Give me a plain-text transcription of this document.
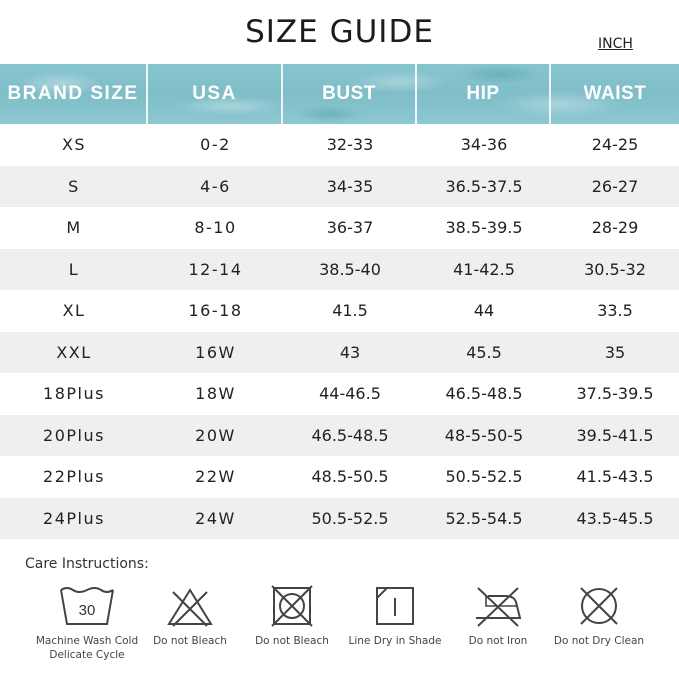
SIZE GUIDE	INCH
BRAND SIZE	USA	BUST	HIP	WAIST
XS	0-2	32-33	34-36	24-25
S	4-6	34-35	36.5-37.5	26-27
M	8-10	36-37	38.5-39.5	28-29
L	12-14	38.5-40	41-42.5	30.5-32
XL	16-18	41.5	44	33.5
XXL	16W	43	45.5	35
18Plus	18W	44-46.5	46.5-48.5	37.5-39.5
20Plus	20W	46.5-48.5	48-5-50-5	39.5-41.5
22Plus	22W	48.5-50.5	50.5-52.5	41.5-43.5
24Plus	24W	50.5-52.5	52.5-54.5	43.5-45.5
Care Instructions:
30
Machine Wash Cold
Delicate Cycle
Do not Bleach	Do not Bleach Line Dry in Shade	Do not Iron	Do not Dry Clean
